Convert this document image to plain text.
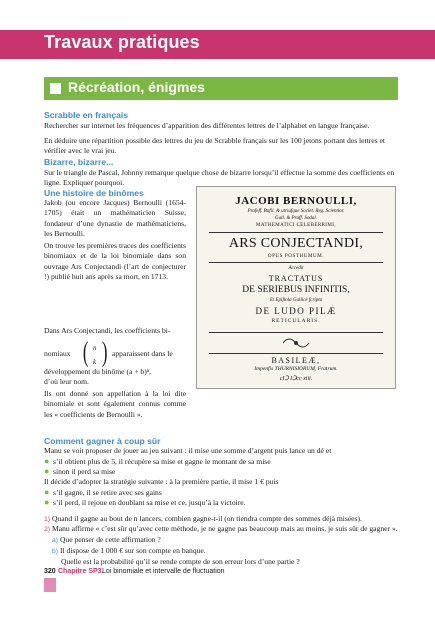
Travaux pratiques
Récréation, énigmes
Scrabble en français
Rechercher sur internet les fréquences d’apparition des différentes lettres de l’alphabet en langue française.
En déduire une répartition possible des lettres du jeu de Scrabble français sur les 100 jetons portant des lettres et
vérifier avec le vrai jeu.
Bizarre, bizarre...
Sur le triangle de Pascal, Johnny remarque quelque chose de bizarre lorsqu’il effectue la somme des coefficients en
ligne. Expliquer pourquoi.
Une histoire de binômes
Jakob (ou encore Jacques) Bernoulli (1654-1705) était un mathématicien Suisse, fondateur d’une dynastie de mathématiciens, les Bernoulli.
On trouve les premières traces des coefficients binomiaux et de la loi binomiale dans son ouvrage Ars Conjectandi (l’art de conjecturer !) publié huit ans après sa mort, en 1713.
Dans Ars Conjectandi, les coefficients bi-
nomiaux ( n
k ) apparaissent dans le
développement du binôme (a + b)ⁿ,
d’où leur nom.
Ils ont donné son appellation à la loi dite binomiale et sont également connus comme les « coefficients de Bernoulli ».
JACOBI BERNOULLI,
Profeff. Bafil. & utriufque Societ. Reg. Scientiar.
Gall. & Pruff. Sodal.
MATHEMATICI CELEBERRIMI,
ARS CONJECTANDI,
OPUS POSTHUMUM.
Accedit
TRACTATUS
DE SERIEBUS INFINITIS,
Et Epiftola Gallicè fcripta
DE LUDO PILÆ
RETICULARIS.
BASILEÆ,
Impenfis THURNISIORUM, Fratrum.
cIↃ IↃcc xiii.
Comment gagner à coup sûr
Manu se voit proposer de jouer au jeu suivant : il mise une somme d’argent puis lance un dé et
● s’il obtient plus de 5, il récupère sa mise et gagne le montant de sa mise
● sinon il perd sa mise
Il décide d’adopter la stratégie suivante : à la première partie, il mise 1 € puis
● s’il gagne, il se retire avec ses gains
● s’il perd, il rejoue en doublant sa mise et ce, jusqu’à la victoire.
1) Quand il gagne au bout de n lancers, combien gagne-t-il (on tiendra compte des sommes déjà misées).
2) Manu affirme « c’est sûr qu’avec cette méthode, je ne gagne pas beaucoup mais au moins, je suis sûr de gagner ».
a) Que penser de cette affirmation ?
b) Il dispose de 1 000 € sur son compte en banque.
Quelle est la probabilité qu’il se rende compte de son erreur lors d’une partie ?
320 Chapitre SP3.
Loi binomiale et intervalle de fluctuation
